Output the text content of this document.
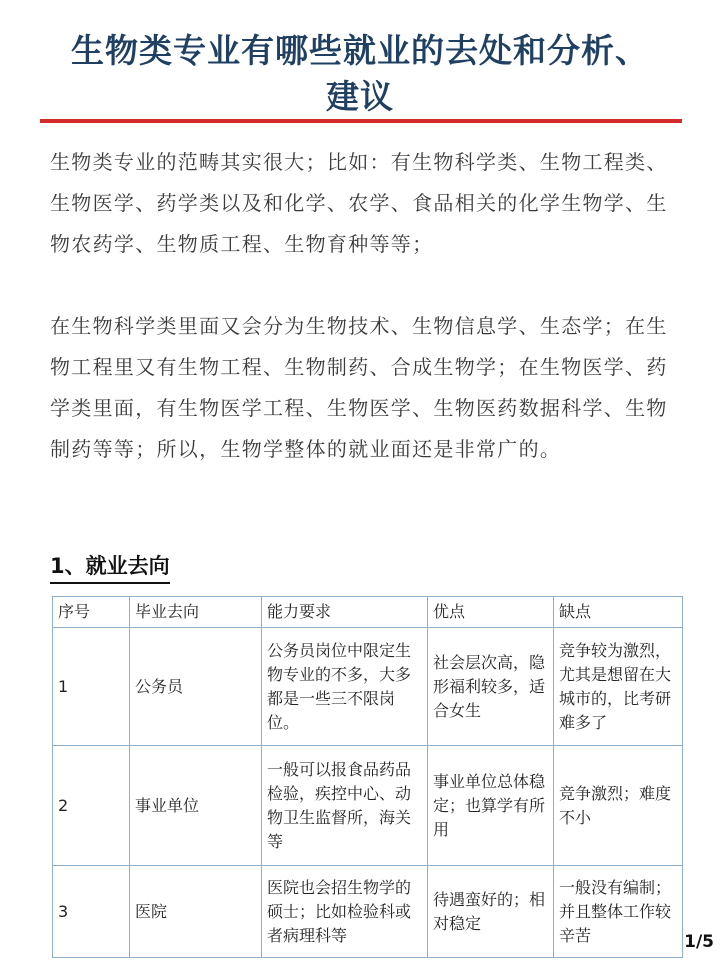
生物类专业有哪些就业的去处和分析、
建议

生物类专业的范畴其实很大；比如：有生物科学类、生物工程类、生物医学、药学类以及和化学、农学、食品相关的化学生物学、生物农药学、生物质工程、生物育种等等；

在生物科学类里面又会分为生物技术、生物信息学、生态学；在生物工程里又有生物工程、生物制药、合成生物学；在生物医学、药学类里面，有生物医学工程、生物医学、生物医药数据科学、生物制药等等；所以，生物学整体的就业面还是非常广的。

1、就业去向
序号	毕业去向	能力要求	优点	缺点
1	公务员	公务员岗位中限定生物专业的不多，大多都是一些三不限岗位。	社会层次高，隐形福利较多，适合女生	竞争较为激烈，尤其是想留在大城市的，比考研难多了
2	事业单位	一般可以报食品药品检验，疾控中心、动物卫生监督所，海关等	事业单位总体稳定；也算学有所用	竞争激烈；难度不小
3	医院	医院也会招生物学的硕士；比如检验科或者病理科等	待遇蛮好的；相对稳定	一般没有编制；并且整体工作较辛苦	1/5
